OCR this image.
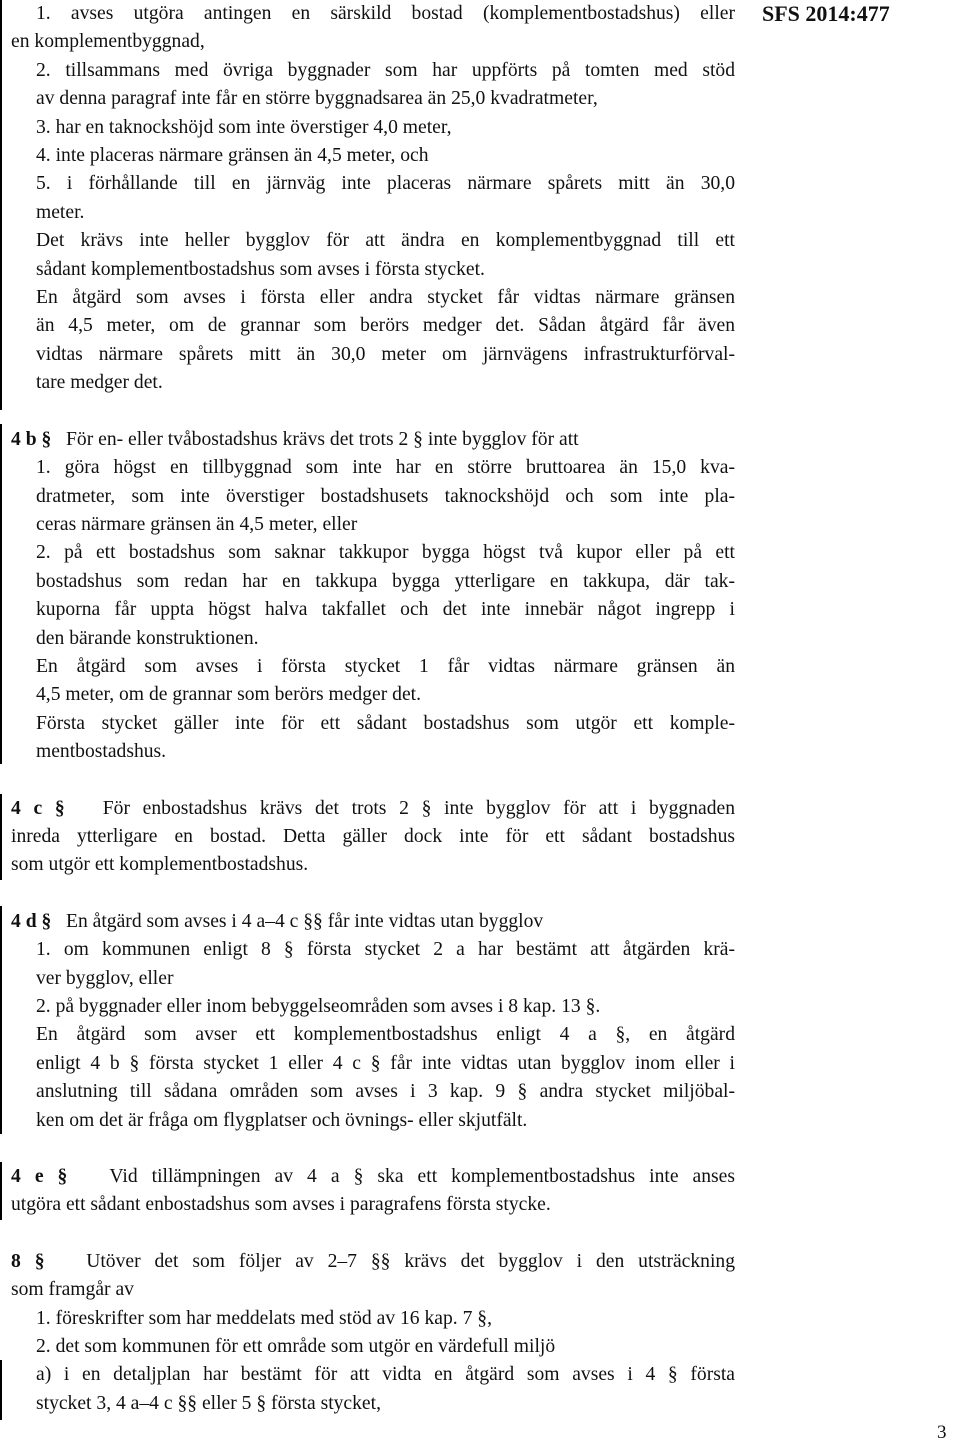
SFS 2014:477

1. avses utgöra antingen en särskild bostad (komplementbostadshus) eller
en komplementbyggnad,

2. tillsammans med övriga byggnader som har uppförts på tomten med stöd
av denna paragraf inte får en större byggnadsarea än 25,0 kvadratmeter,

3. har en taknockshöjd som inte överstiger 4,0 meter,

4. inte placeras närmare gränsen än 4,5 meter, och

5. i förhållande till en järnväg inte placeras närmare spårets mitt än 30,0
meter.

Det krävs inte heller bygglov för att ändra en komplementbyggnad till ett
sådant komplementbostadshus som avses i första stycket.

En åtgärd som avses i första eller andra stycket får vidtas närmare gränsen
än 4,5 meter, om de grannar som berörs medger det. Sådan åtgärd får även
vidtas närmare spårets mitt än 30,0 meter om järnvägens infrastrukturförval-
tare medger det.

4 b § För en- eller tvåbostadshus krävs det trots 2 § inte bygglov för att

1. göra högst en tillbyggnad som inte har en större bruttoarea än 15,0 kva-
dratmeter, som inte överstiger bostadshusets taknockshöjd och som inte pla-
ceras närmare gränsen än 4,5 meter, eller

2. på ett bostadshus som saknar takkupor bygga högst två kupor eller på ett
bostadshus som redan har en takkupa bygga ytterligare en takkupa, där tak-
kuporna får uppta högst halva takfallet och det inte innebär något ingrepp i
den bärande konstruktionen.

En åtgärd som avses i första stycket 1 får vidtas närmare gränsen än
4,5 meter, om de grannar som berörs medger det.

Första stycket gäller inte för ett sådant bostadshus som utgör ett komple-
mentbostadshus.

4 c § För enbostadshus krävs det trots 2 § inte bygglov för att i byggnaden
inreda ytterligare en bostad. Detta gäller dock inte för ett sådant bostadshus
som utgör ett komplementbostadshus.

4 d § En åtgärd som avses i 4 a–4 c §§ får inte vidtas utan bygglov

1. om kommunen enligt 8 § första stycket 2 a har bestämt att åtgärden krä-
ver bygglov, eller

2. på byggnader eller inom bebyggelseområden som avses i 8 kap. 13 §.

En åtgärd som avser ett komplementbostadshus enligt 4 a §, en åtgärd
enligt 4 b § första stycket 1 eller 4 c § får inte vidtas utan bygglov inom eller i
anslutning till sådana områden som avses i 3 kap. 9 § andra stycket miljöbal-
ken om det är fråga om flygplatser och övnings- eller skjutfält.

4 e § Vid tillämpningen av 4 a § ska ett komplementbostadshus inte anses
utgöra ett sådant enbostadshus som avses i paragrafens första stycke.

8 § Utöver det som följer av 2–7 §§ krävs det bygglov i den utsträckning
som framgår av

1. föreskrifter som har meddelats med stöd av 16 kap. 7 §,

2. det som kommunen för ett område som utgör en värdefull miljö

a) i en detaljplan har bestämt för att vidta en åtgärd som avses i 4 § första
stycket 3, 4 a–4 c §§ eller 5 § första stycket,

3
